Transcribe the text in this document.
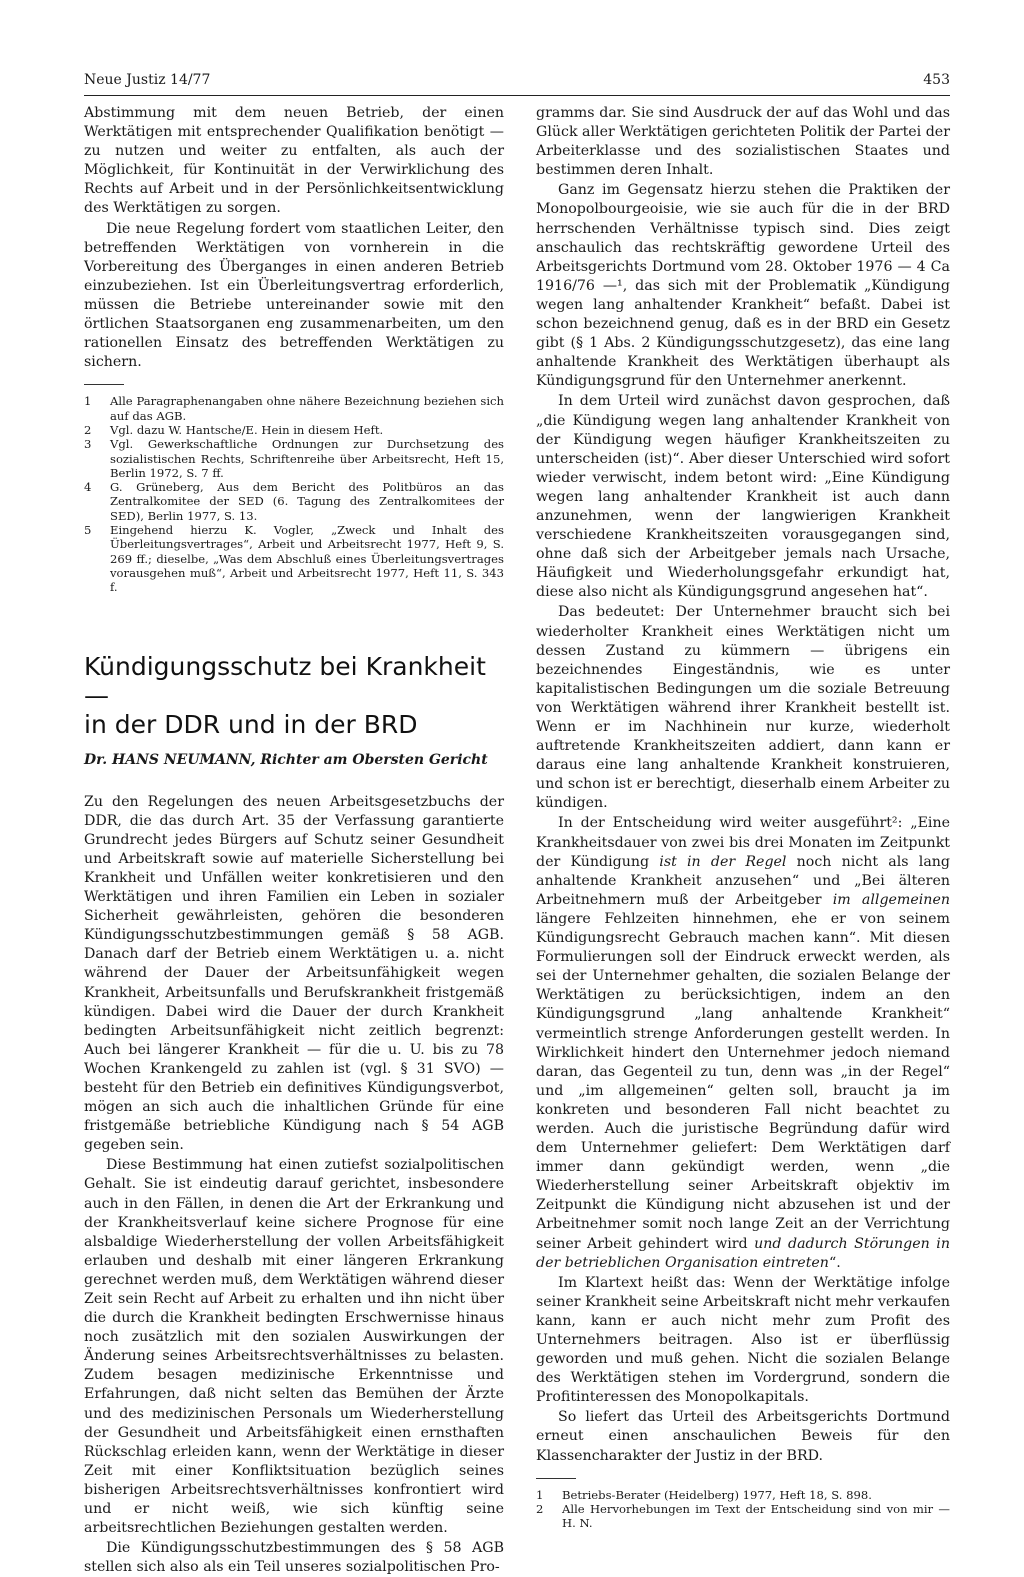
Neue Justiz 14/77	453

Abstimmung mit dem neuen Betrieb, der einen Werktätigen mit entsprechender Qualifikation benötigt — zu nutzen und weiter zu entfalten, als auch der Möglichkeit, für Kontinuität in der Verwirklichung des Rechts auf Arbeit und in der Persönlichkeitsentwicklung des Werktätigen zu sorgen.

Die neue Regelung fordert vom staatlichen Leiter, den betreffenden Werktätigen von vornherein in die Vorbereitung des Überganges in einen anderen Betrieb einzubeziehen. Ist ein Überleitungsvertrag erforderlich, müssen die Betriebe untereinander sowie mit den örtlichen Staatsorganen eng zusammenarbeiten, um den rationellen Einsatz des betreffenden Werktätigen zu sichern.

1	Alle Paragraphenangaben ohne nähere Bezeichnung beziehen sich auf das AGB.
2	Vgl. dazu W. Hantsche/E. Hein in diesem Heft.
3	Vgl. Gewerkschaftliche Ordnungen zur Durchsetzung des sozialistischen Rechts, Schriftenreihe über Arbeitsrecht, Heft 15, Berlin 1972, S. 7 ff.
4	G. Grüneberg, Aus dem Bericht des Politbüros an das Zentralkomitee der SED (6. Tagung des Zentralkomitees der SED), Berlin 1977, S. 13.
5	Eingehend hierzu K. Vogler, „Zweck und Inhalt des Überleitungsvertrages“, Arbeit und Arbeitsrecht 1977, Heft 9, S. 269 ff.; dieselbe, „Was dem Abschluß eines Überleitungsvertrages vorausgehen muß“, Arbeit und Arbeitsrecht 1977, Heft 11, S. 343 f.
Kündigungsschutz bei Krankheit —
in der DDR und in der BRD
Dr. HANS NEUMANN, Richter am Obersten Gericht

Zu den Regelungen des neuen Arbeitsgesetzbuchs der DDR, die das durch Art. 35 der Verfassung garantierte Grundrecht jedes Bürgers auf Schutz seiner Gesundheit und Arbeitskraft sowie auf materielle Sicherstellung bei Krankheit und Unfällen weiter konkretisieren und den Werktätigen und ihren Familien ein Leben in sozialer Sicherheit gewährleisten, gehören die besonderen Kündigungsschutzbestimmungen gemäß § 58 AGB. Danach darf der Betrieb einem Werktätigen u. a. nicht während der Dauer der Arbeitsunfähigkeit wegen Krankheit, Arbeitsunfalls und Berufskrankheit fristgemäß kündigen. Dabei wird die Dauer der durch Krankheit bedingten Arbeitsunfähigkeit nicht zeitlich begrenzt: Auch bei längerer Krankheit — für die u. U. bis zu 78 Wochen Krankengeld zu zahlen ist (vgl. § 31 SVO) — besteht für den Betrieb ein definitives Kündigungsverbot, mögen an sich auch die inhaltlichen Gründe für eine fristgemäße betriebliche Kündigung nach § 54 AGB gegeben sein.

Diese Bestimmung hat einen zutiefst sozialpolitischen Gehalt. Sie ist eindeutig darauf gerichtet, insbesondere auch in den Fällen, in denen die Art der Erkrankung und der Krankheitsverlauf keine sichere Prognose für eine alsbaldige Wiederherstellung der vollen Arbeitsfähigkeit erlauben und deshalb mit einer längeren Erkrankung gerechnet werden muß, dem Werktätigen während dieser Zeit sein Recht auf Arbeit zu erhalten und ihn nicht über die durch die Krankheit bedingten Erschwernisse hinaus noch zusätzlich mit den sozialen Auswirkungen der Änderung seines Arbeitsrechtsverhältnisses zu belasten. Zudem besagen medizinische Erkenntnisse und Erfahrungen, daß nicht selten das Bemühen der Ärzte und des medizinischen Personals um Wiederherstellung der Gesundheit und Arbeitsfähigkeit einen ernsthaften Rückschlag erleiden kann, wenn der Werktätige in dieser Zeit mit einer Konfliktsituation bezüglich seines bisherigen Arbeitsrechtsverhältnisses konfrontiert wird und er nicht weiß, wie sich künftig seine arbeitsrechtlichen Beziehungen gestalten werden.

Die Kündigungsschutzbestimmungen des § 58 AGB stellen sich also als ein Teil unseres sozialpolitischen Pro-

gramms dar. Sie sind Ausdruck der auf das Wohl und das Glück aller Werktätigen gerichteten Politik der Partei der Arbeiterklasse und des sozialistischen Staates und bestimmen deren Inhalt.

Ganz im Gegensatz hierzu stehen die Praktiken der Monopolbourgeoisie, wie sie auch für die in der BRD herrschenden Verhältnisse typisch sind. Dies zeigt anschaulich das rechtskräftig gewordene Urteil des Arbeitsgerichts Dortmund vom 28. Oktober 1976 — 4 Ca 1916/76 —¹, das sich mit der Problematik „Kündigung wegen lang anhaltender Krankheit“ befaßt. Dabei ist schon bezeichnend genug, daß es in der BRD ein Gesetz gibt (§ 1 Abs. 2 Kündigungsschutzgesetz), das eine lang anhaltende Krankheit des Werktätigen überhaupt als Kündigungsgrund für den Unternehmer anerkennt.

In dem Urteil wird zunächst davon gesprochen, daß „die Kündigung wegen lang anhaltender Krankheit von der Kündigung wegen häufiger Krankheitszeiten zu unterscheiden (ist)“. Aber dieser Unterschied wird sofort wieder verwischt, indem betont wird: „Eine Kündigung wegen lang anhaltender Krankheit ist auch dann anzunehmen, wenn der langwierigen Krankheit verschiedene Krankheitszeiten vorausgegangen sind, ohne daß sich der Arbeitgeber jemals nach Ursache, Häufigkeit und Wiederholungsgefahr erkundigt hat, diese also nicht als Kündigungsgrund angesehen hat“.

Das bedeutet: Der Unternehmer braucht sich bei wiederholter Krankheit eines Werktätigen nicht um dessen Zustand zu kümmern — übrigens ein bezeichnendes Eingeständnis, wie es unter kapitalistischen Bedingungen um die soziale Betreuung von Werktätigen während ihrer Krankheit bestellt ist. Wenn er im Nachhinein nur kurze, wiederholt auftretende Krankheitszeiten addiert, dann kann er daraus eine lang anhaltende Krankheit konstruieren, und schon ist er berechtigt, dieserhalb einem Arbeiter zu kündigen.

In der Entscheidung wird weiter ausgeführt²: „Eine Krankheitsdauer von zwei bis drei Monaten im Zeitpunkt der Kündigung ist in der Regel noch nicht als lang anhaltende Krankheit anzusehen“ und „Bei älteren Arbeitnehmern muß der Arbeitgeber im allgemeinen längere Fehlzeiten hinnehmen, ehe er von seinem Kündigungsrecht Gebrauch machen kann“. Mit diesen Formulierungen soll der Eindruck erweckt werden, als sei der Unternehmer gehalten, die sozialen Belange der Werktätigen zu berücksichtigen, indem an den Kündigungsgrund „lang anhaltende Krankheit“ vermeintlich strenge Anforderungen gestellt werden. In Wirklichkeit hindert den Unternehmer jedoch niemand daran, das Gegenteil zu tun, denn was „in der Regel“ und „im allgemeinen“ gelten soll, braucht ja im konkreten und besonderen Fall nicht beachtet zu werden. Auch die juristische Begründung dafür wird dem Unternehmer geliefert: Dem Werktätigen darf immer dann gekündigt werden, wenn „die Wiederherstellung seiner Arbeitskraft objektiv im Zeitpunkt die Kündigung nicht abzusehen ist und der Arbeitnehmer somit noch lange Zeit an der Verrichtung seiner Arbeit gehindert wird und dadurch Störungen in der betrieblichen Organisation eintreten“.

Im Klartext heißt das: Wenn der Werktätige infolge seiner Krankheit seine Arbeitskraft nicht mehr verkaufen kann, kann er auch nicht mehr zum Profit des Unternehmers beitragen. Also ist er überflüssig geworden und muß gehen. Nicht die sozialen Belange des Werktätigen stehen im Vordergrund, sondern die Profitinteressen des Monopolkapitals.

So liefert das Urteil des Arbeitsgerichts Dortmund erneut einen anschaulichen Beweis für den Klassencharakter der Justiz in der BRD.

1	Betriebs-Berater (Heidelberg) 1977, Heft 18, S. 898.
2	Alle Hervorhebungen im Text der Entscheidung sind von mir — H. N.
